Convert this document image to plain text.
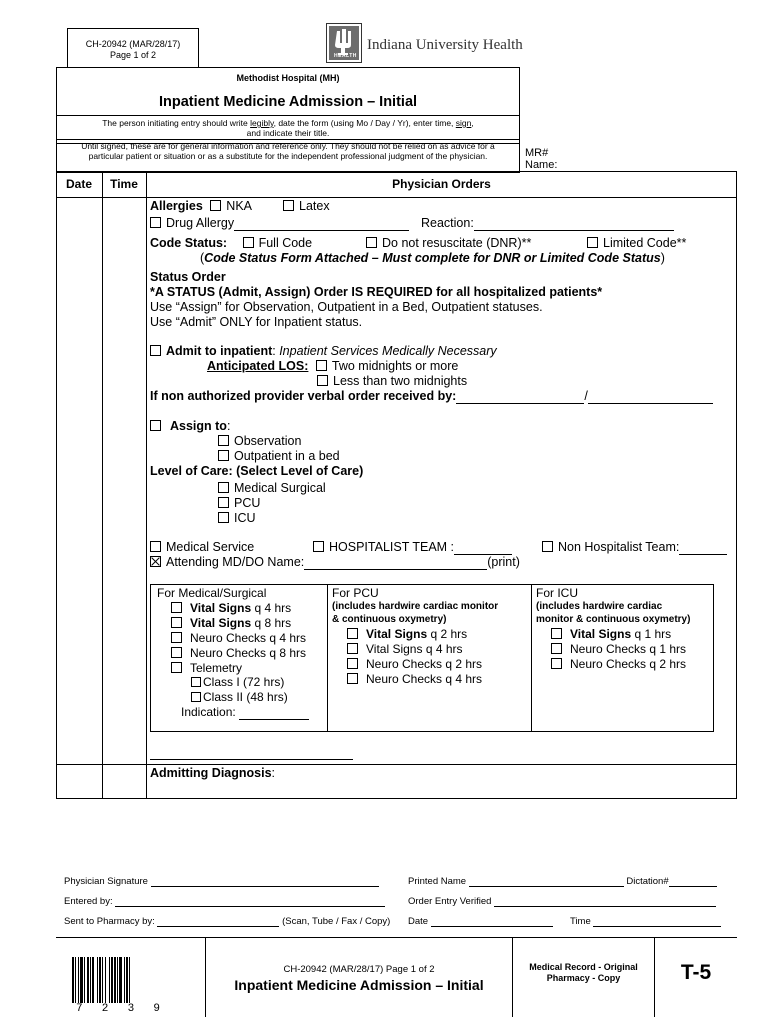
CH-20942 (MAR/28/17)
Page 1 of 2	HEALTH
Indiana University Health
Methodist Hospital (MH)
Inpatient Medicine Admission – Initial
The person initiating entry should write legibly, date the form (using Mo / Day / Yr), enter time, sign,
and indicate their title.
Until signed, these are for general information and reference only. They should not be relied on as advice for a
particular patient or situation or as a substitute for the independent professional judgment of the physician.	MR#
Name:
Date	Time	Physician Orders
Allergies NKA	Latex
Drug Allergy	Reaction:
Code Status:	Full Code	Do not resuscitate (DNR)**	Limited Code**
(Code Status Form Attached – Must complete for DNR or Limited Code Status)
Status Order
*A STATUS (Admit, Assign) Order IS REQUIRED for all hospitalized patients*
Use “Assign” for Observation, Outpatient in a Bed, Outpatient statuses.
Use “Admit” ONLY for Inpatient status.
Admit to inpatient: Inpatient Services Medically Necessary
Anticipated LOS: Two midnights or more
Less than two midnights
If non authorized provider verbal order received by:	/
Assign to:
Observation
Outpatient in a bed
Level of Care: (Select Level of Care)
Medical Surgical
PCU
ICU
Medical Service	HOSPITALIST TEAM :	Non Hospitalist Team:
Attending MD/DO Name:	(print)
For Medical/Surgical
Vital Signs q 4 hrs
Vital Signs q 8 hrs
Neuro Checks q 4 hrs
Neuro Checks q 8 hrs
Telemetry
Class I (72 hrs)
Class II (48 hrs)
Indication:
For PCU
(includes hardwire cardiac monitor
& continuous oxymetry)
Vital Signs q 2 hrs
Vital Signs q 4 hrs
Neuro Checks q 2 hrs
Neuro Checks q 4 hrs
For ICU
(includes hardwire cardiac
monitor & continuous oxymetry)
Vital Signs q 1 hrs
Neuro Checks q 1 hrs
Neuro Checks q 2 hrs
Admitting Diagnosis:
Physician Signature	Printed Name	Dictation#
Entered by:	Order Entry Verified
Sent to Pharmacy by:	(Scan, Tube / Fax / Copy) Date	Time
7 2 3 9
CH-20942 (MAR/28/17) Page 1 of 2
Inpatient Medicine Admission – Initial
Medical Record - Original
Pharmacy - Copy	T-5
